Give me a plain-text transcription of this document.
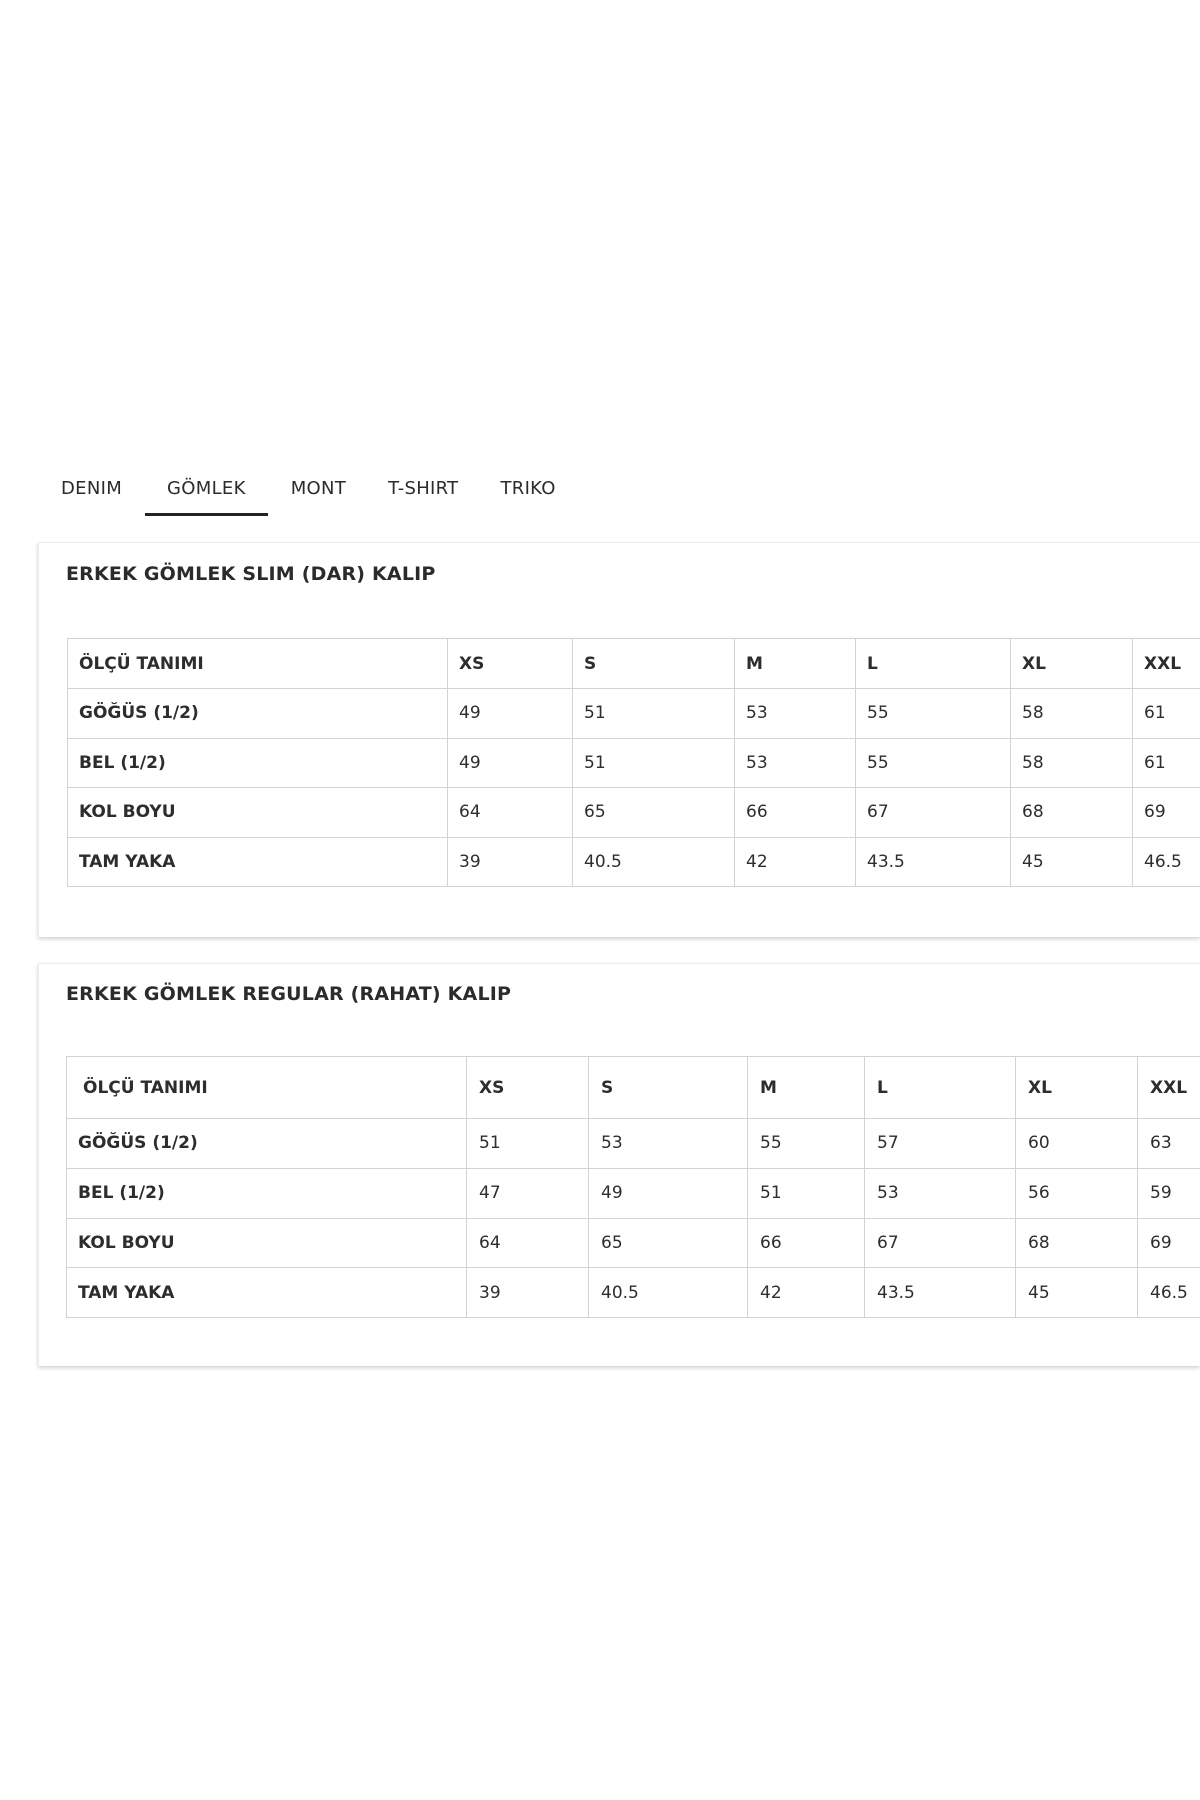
DENIM	GÖMLEK	MONT	T-SHIRT	TRIKO
ERKEK GÖMLEK SLIM (DAR) KALIP
ÖLÇÜ TANIMI	XS	S	M	L	XL	XXL
GÖĞÜS (1/2)	49	51	53	55	58	61
BEL (1/2)	49	51	53	55	58	61
KOL BOYU	64	65	66	67	68	69
TAM YAKA	39	40.5	42	43.5	45	46.5
ERKEK GÖMLEK REGULAR (RAHAT) KALIP
ÖLÇÜ TANIMI	XS	S	M	L	XL	XXL
GÖĞÜS (1/2)	51	53	55	57	60	63
BEL (1/2)	47	49	51	53	56	59
KOL BOYU	64	65	66	67	68	69
TAM YAKA	39	40.5	42	43.5	45	46.5
